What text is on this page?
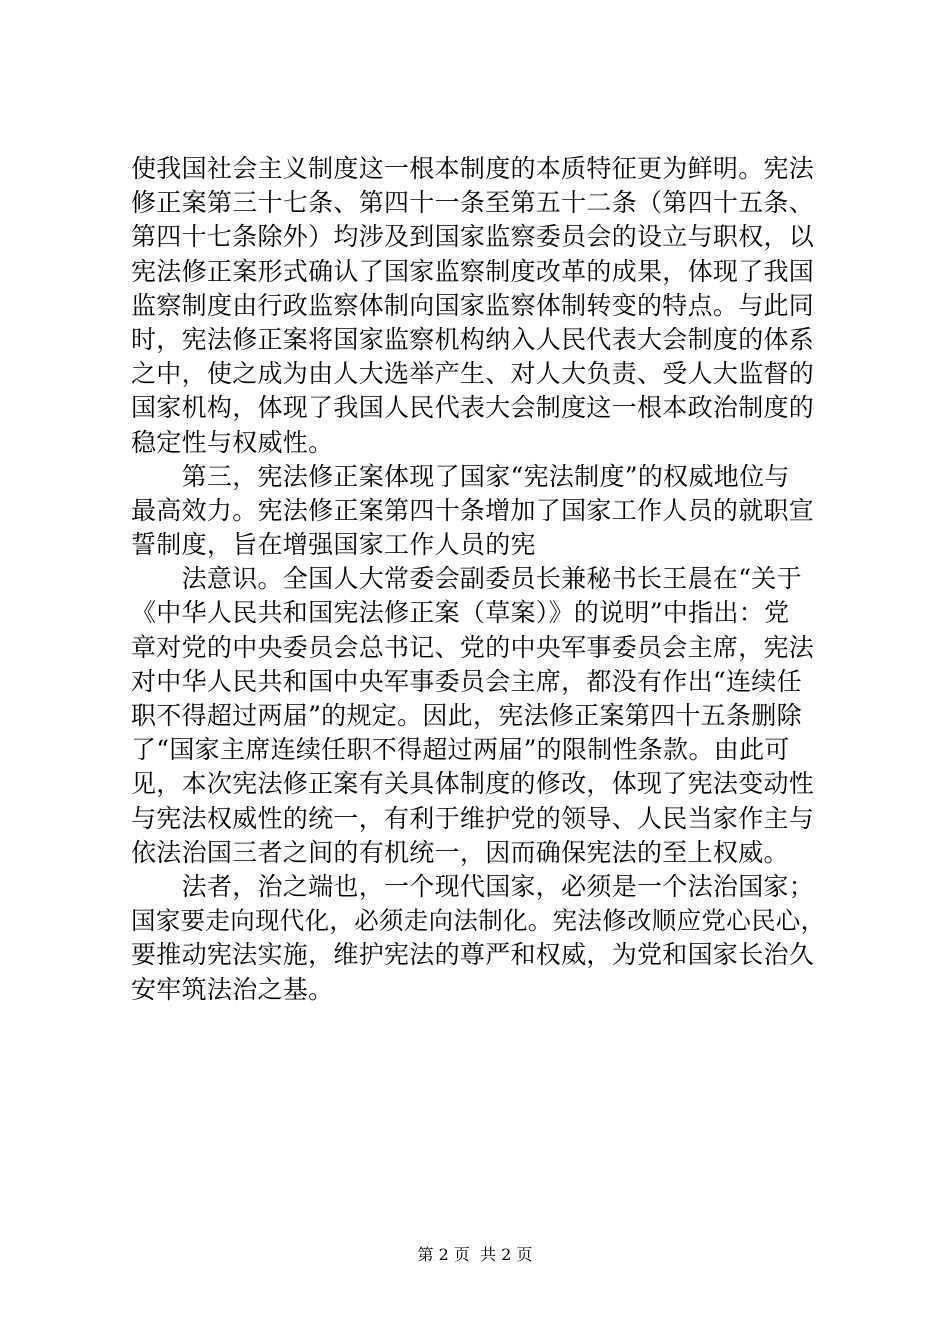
使我国社会主义制度这一根本制度的本质特征更为鲜明。宪法
修正案第三十七条、第四十一条至第五十二条（第四十五条、
第四十七条除外）均涉及到国家监察委员会的设立与职权，以
宪法修正案形式确认了国家监察制度改革的成果，体现了我国
监察制度由行政监察体制向国家监察体制转变的特点。与此同
时，宪法修正案将国家监察机构纳入人民代表大会制度的体系
之中，使之成为由人大选举产生、对人大负责、受人大监督的
国家机构，体现了我国人民代表大会制度这一根本政治制度的
稳定性与权威性。
　　第三，宪法修正案体现了国家“宪法制度”的权威地位与
最高效力。宪法修正案第四十条增加了国家工作人员的就职宣
誓制度，旨在增强国家工作人员的宪
　　法意识。全国人大常委会副委员长兼秘书长王晨在“关于
《中华人民共和国宪法修正案（草案）》的说明”中指出：党
章对党的中央委员会总书记、党的中央军事委员会主席，宪法
对中华人民共和国中央军事委员会主席，都没有作出“连续任
职不得超过两届”的规定。因此，宪法修正案第四十五条删除
了“国家主席连续任职不得超过两届”的限制性条款。由此可
见，本次宪法修正案有关具体制度的修改，体现了宪法变动性
与宪法权威性的统一，有利于维护党的领导、人民当家作主与
依法治国三者之间的有机统一，因而确保宪法的至上权威。
　　法者，治之端也，一个现代国家，必须是一个法治国家；
国家要走向现代化，必须走向法制化。宪法修改顺应党心民心，
要推动宪法实施，维护宪法的尊严和权威，为党和国家长治久
安牢筑法治之基。
第 2 页  共 2 页
